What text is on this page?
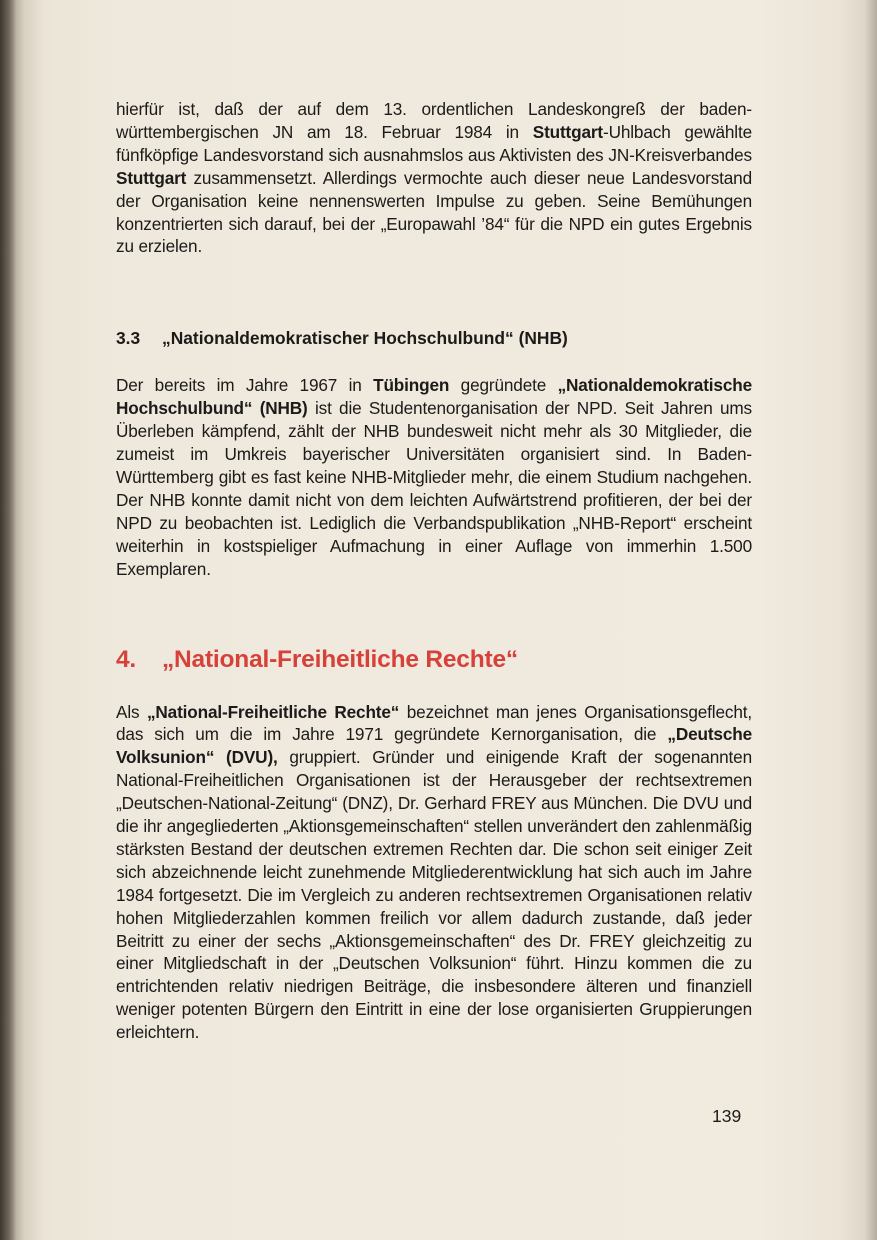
hierfür ist, daß der auf dem 13. ordentlichen Landeskongreß der baden-württembergischen JN am 18. Februar 1984 in Stuttgart-Uhlbach gewählte fünfköpfige Landesvorstand sich ausnahmslos aus Aktivisten des JN-Kreisverbandes Stuttgart zusammensetzt. Allerdings vermochte auch dieser neue Landesvorstand der Organisation keine nennenswerten Impulse zu geben. Seine Bemühungen konzentrierten sich darauf, bei der „Europawahl ’84“ für die NPD ein gutes Ergebnis zu erzielen.

3.3 „Nationaldemokratischer Hochschulbund“ (NHB)

Der bereits im Jahre 1967 in Tübingen gegründete „Nationaldemokratische Hochschulbund“ (NHB) ist die Studentenorganisation der NPD. Seit Jahren ums Überleben kämpfend, zählt der NHB bundesweit nicht mehr als 30 Mitglieder, die zumeist im Umkreis bayerischer Universitäten organisiert sind. In Baden-Württemberg gibt es fast keine NHB-Mitglieder mehr, die einem Studium nachgehen. Der NHB konnte damit nicht von dem leichten Aufwärtstrend profitieren, der bei der NPD zu beobachten ist. Lediglich die Verbandspublikation „NHB-Report“ erscheint weiterhin in kostspieliger Aufmachung in einer Auflage von immerhin 1.500 Exemplaren.

4. „National-Freiheitliche Rechte“

Als „National-Freiheitliche Rechte“ bezeichnet man jenes Organisationsgeflecht, das sich um die im Jahre 1971 gegründete Kernorganisation, die „Deutsche Volksunion“ (DVU), gruppiert. Gründer und einigende Kraft der sogenannten National-Freiheitlichen Organisationen ist der Herausgeber der rechtsextremen „Deutschen-National-Zeitung“ (DNZ), Dr. Gerhard FREY aus München. Die DVU und die ihr angegliederten „Aktionsgemeinschaften“ stellen unverändert den zahlenmäßig stärksten Bestand der deutschen extremen Rechten dar. Die schon seit einiger Zeit sich abzeichnende leicht zunehmende Mitgliederentwicklung hat sich auch im Jahre 1984 fortgesetzt. Die im Vergleich zu anderen rechtsextremen Organisationen relativ hohen Mitgliederzahlen kommen freilich vor allem dadurch zustande, daß jeder Beitritt zu einer der sechs „Aktionsgemeinschaften“ des Dr. FREY gleichzeitig zu einer Mitgliedschaft in der „Deutschen Volksunion“ führt. Hinzu kommen die zu entrichtenden relativ niedrigen Beiträge, die insbesondere älteren und finanziell weniger potenten Bürgern den Eintritt in eine der lose organisierten Gruppierungen erleichtern.

139
